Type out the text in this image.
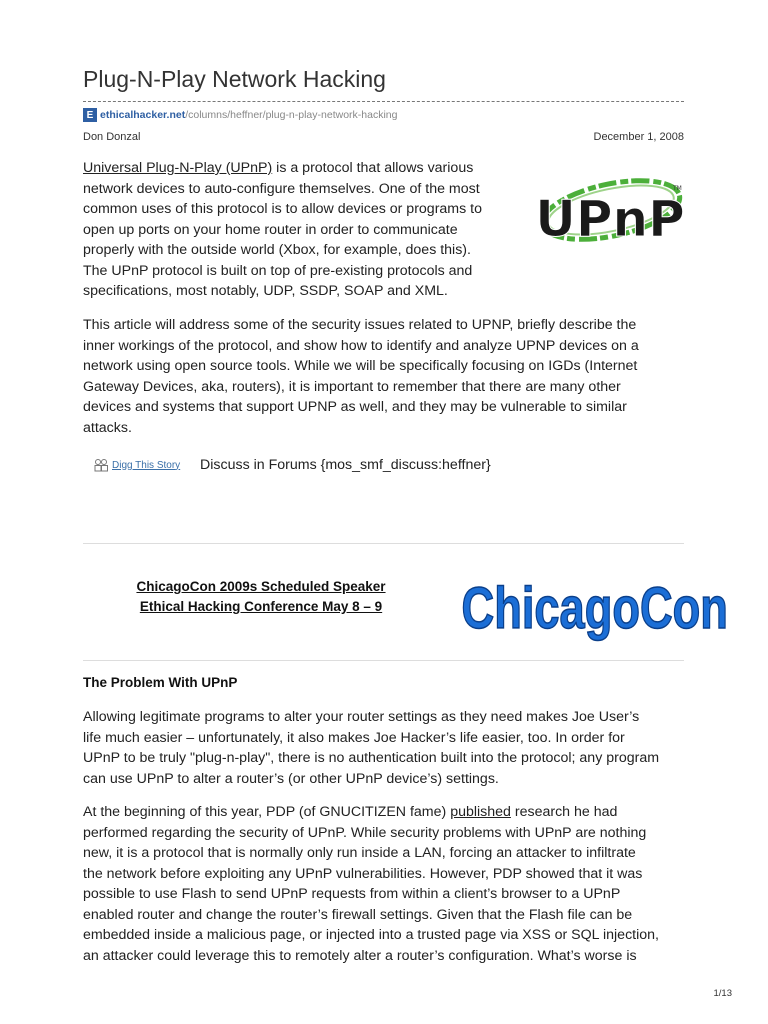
Plug-N-Play Network Hacking
E ethicalhacker.net /columns/heffner/plug-n-play-network-hacking
Don Donzal	December 1, 2008
Universal Plug-N-Play (UPnP) is a protocol that allows various
network devices to auto-configure themselves. One of the most
common uses of this protocol is to allow devices or programs to
open up ports on your home router in order to communicate
properly with the outside world (Xbox, for example, does this).
The UPnP protocol is built on top of pre-existing protocols and
specifications, most notably, UDP, SSDP, SOAP and XML.
UPnP
TM
This article will address some of the security issues related to UPNP, briefly describe the
inner workings of the protocol, and show how to identify and analyze UPNP devices on a
network using open source tools. While we will be specifically focusing on IGDs (Internet
Gateway Devices, aka, routers), it is important to remember that there are many other
devices and systems that support UPNP as well, and they may be vulnerable to similar
attacks.
Digg This Story Discuss in Forums {mos_smf_discuss:heffner}
ChicagoCon 2009s Scheduled Speaker
Ethical Hacking Conference May 8 – 9	ChicagoCon
The Problem With UPnP
Allowing legitimate programs to alter your router settings as they need makes Joe User’s
life much easier – unfortunately, it also makes Joe Hacker’s life easier, too. In order for
UPnP to be truly "plug-n-play", there is no authentication built into the protocol; any program
can use UPnP to alter a router’s (or other UPnP device’s) settings.
At the beginning of this year, PDP (of GNUCITIZEN fame) published research he had
performed regarding the security of UPnP. While security problems with UPnP are nothing
new, it is a protocol that is normally only run inside a LAN, forcing an attacker to infiltrate
the network before exploiting any UPnP vulnerabilities. However, PDP showed that it was
possible to use Flash to send UPnP requests from within a client’s browser to a UPnP
enabled router and change the router’s firewall settings. Given that the Flash file can be
embedded inside a malicious page, or injected into a trusted page via XSS or SQL injection,
an attacker could leverage this to remotely alter a router’s configuration. What’s worse is
1/13
